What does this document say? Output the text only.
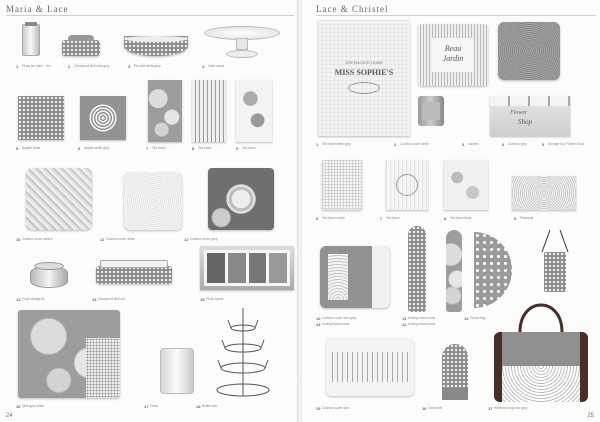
Maria & Lace
1 Glass jar white · Hm	2 Ovenproof dish dots grey	3 Pie dish white grey	4 Cake stand
5 Napkin white	6 Napkin white grey	7 Tea towel	8 Tea towel	9 Tea towel
10 Cushion cover sequin	11 Cushion cover white	12 Cushion cover grey
13 Food storage tin	14 Ovenproof dish set	15 Photo frame
16 Quilt grey white	17 Glass	18 Bottle rack
24
Lace & Christel
GREENGATE HOME
MISS SOPHIE'S
Beau
Jardin
Flower
Shop
1 Tea towel white grey	2 Cushion cover white	3 Lantern	4 Cushion grey	5 Storage box Flower Shop
6 Tea towel check	7 Tea towel	8 Tea towel floral	9 Placemat
10 Cushion cover lace grey	11 Ironing board cover
12 Ironing board cover
13 Ironing board cover
14 Phone bag
15 Cushion cover lace	16 Oven mitt	17 Weekend bag lace grey
25
